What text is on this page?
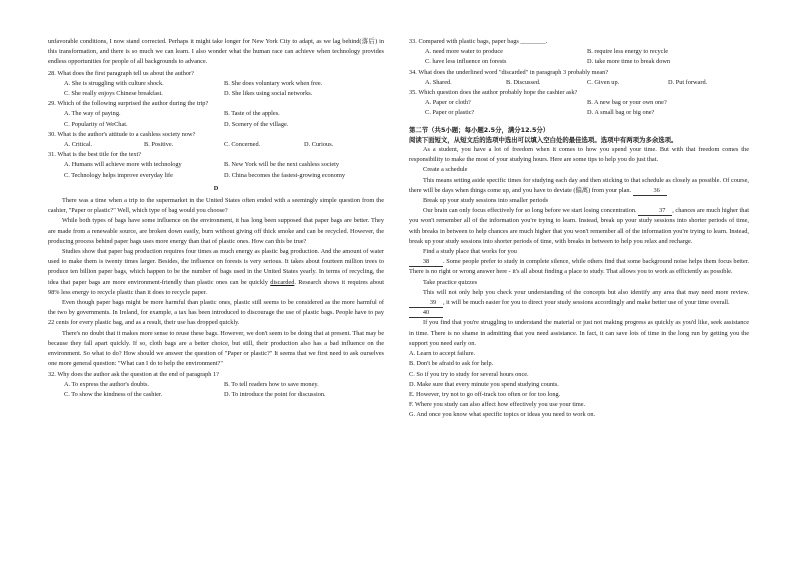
unfavorable conditions, I now stand corrected. Perhaps it might take longer for New York City to adapt, as we lag behind(落后) in this transformation, and there is so much we can learn. I also wonder what the human race can achieve when technology provides endless opportunities for people of all backgrounds to advance.

28. What does the first paragraph tell us about the author?

A. She is struggling with culture shock.	B. She does voluntary work when free.
C. She really enjoys Chinese breakfast.	D. She likes using social networks.

29. Which of the following surprised the author during the trip?

A. The way of paying.	B. Taste of the apples.
C. Popularity of WeChat.	D. Scenery of the village.

30. What is the author's attitude to a cashless society now?

A. Critical.	B. Positive.	C. Concerned.	D. Curious.

31. What is the best title for the text?

A. Humans will achieve more with technology	B. New York will be the next cashless society
C. Technology helps improve everyday life	D. China becomes the fastest-growing economy

D

There was a time when a trip to the supermarket in the United States often ended with a seemingly simple question from the cashier, "Paper or plastic?" Well, which type of bag would you choose?

While both types of bags have some influence on the environment, it has long been supposed that paper bags are better. They are made from a renewable source, are broken down easily, burn without giving off thick smoke and can be recycled. However, the producing process behind paper bags uses more energy than that of plastic ones. How can this be true?

Studies show that paper bag production requires four times as much energy as plastic bag production. And the amount of water used to make them is twenty times larger. Besides, the influence on forests is very serious. It takes about fourteen million trees to produce ten billion paper bags, which happen to be the number of bags used in the United States yearly. In terms of recycling, the idea that paper bags are more environment-friendly than plastic ones can be quickly discarded. Research shows it requires about 98% less energy to recycle plastic than it does to recycle paper.

Even though paper bags might be more harmful than plastic ones, plastic still seems to be considered as the more harmful of the two by governments. In Ireland, for example, a tax has been introduced to discourage the use of plastic bags. People have to pay 22 cents for every plastic bag, and as a result, their use has dropped quickly.

There's no doubt that it makes more sense to reuse these bags. However, we don't seem to be doing that at present. That may be because they fall apart quickly. If so, cloth bags are a better choice, but still, their production also has a bad influence on the environment. So what to do? How should we answer the question of "Paper or plastic?" It seems that we first need to ask ourselves one more general question: "What can I do to help the environment?"

32. Why does the author ask the question at the end of paragraph 1?

A. To express the author's doubts.	B. To tell readers how to save money.
C. To show the kindness of the cashier.	D. To introduce the point for discussion.

33. Compared with plastic bags, paper bags ________.

A. need more water to produce	B. require less energy to recycle
C. have less influence on forests	D. take more time to break down

34. What does the underlined word "discarded" in paragraph 3 probably mean?

A. Shared.	B. Discussed.	C. Given up.	D. Put forward.

35. Which question does the author probably hope the cashier ask?

A. Paper or cloth?	B. A new bag or your own one?
C. Paper or plastic?	D. A small bag or big one?

第二节（共5小题；每小题2.5分，满分12.5分）

阅读下面短文，从短文后的选项中选出可以填入空白处的最佳选项。选项中有两项为多余选项。

As a student, you have a lot of freedom when it comes to how you spend your time. But with that freedom comes the responsibility to make the most of your studying hours. Here are some tips to help you do just that.

Create a schedule

This means setting aside specific times for studying each day and then sticking to that schedule as closely as possible. Of course, there will be days when things come up, and you have to deviate (偏离) from your plan.	36

Break up your study sessions into smaller periods

Our brain can only focus effectively for so long before we start losing concentration.	37 , chances are much higher that you won't remember all of the information you're trying to learn. Instead, break up your study sessions into shorter periods of time, with breaks in between to help chances are much higher that you won't remember all of the information you're trying to learn. Instead, break up your study sessions into shorter periods of time, with breaks in between to help you relax and recharge.

Find a study place that works for you

38 . Some people prefer to study in complete silence, while others find that some background noise helps them focus better. There is no right or wrong answer here - it's all about finding a place to study. That allows you to work as efficiently as possible.

Take practice quizzes

This will not only help you check your understanding of the concepts but also identify any area that may need more review. 39 , it will be much easier for you to direct your study sessions accordingly and make better use of your time overall.

40

If you find that you're struggling to understand the material or just not making progress as quickly as you'd like, seek assistance in time. There is no shame in admitting that you need assistance. In fact, it can save lots of time in the long run by getting you the support you need early on.

A. Learn to accept failure.

B. Don't be afraid to ask for help.

C. So if you try to study for several hours once.

D. Make sure that every minute you spend studying counts.

E. However, try not to go off-track too often or for too long.

F. Where you study can also affect how effectively you use your time.

G. And once you know what specific topics or ideas you need to work on.
